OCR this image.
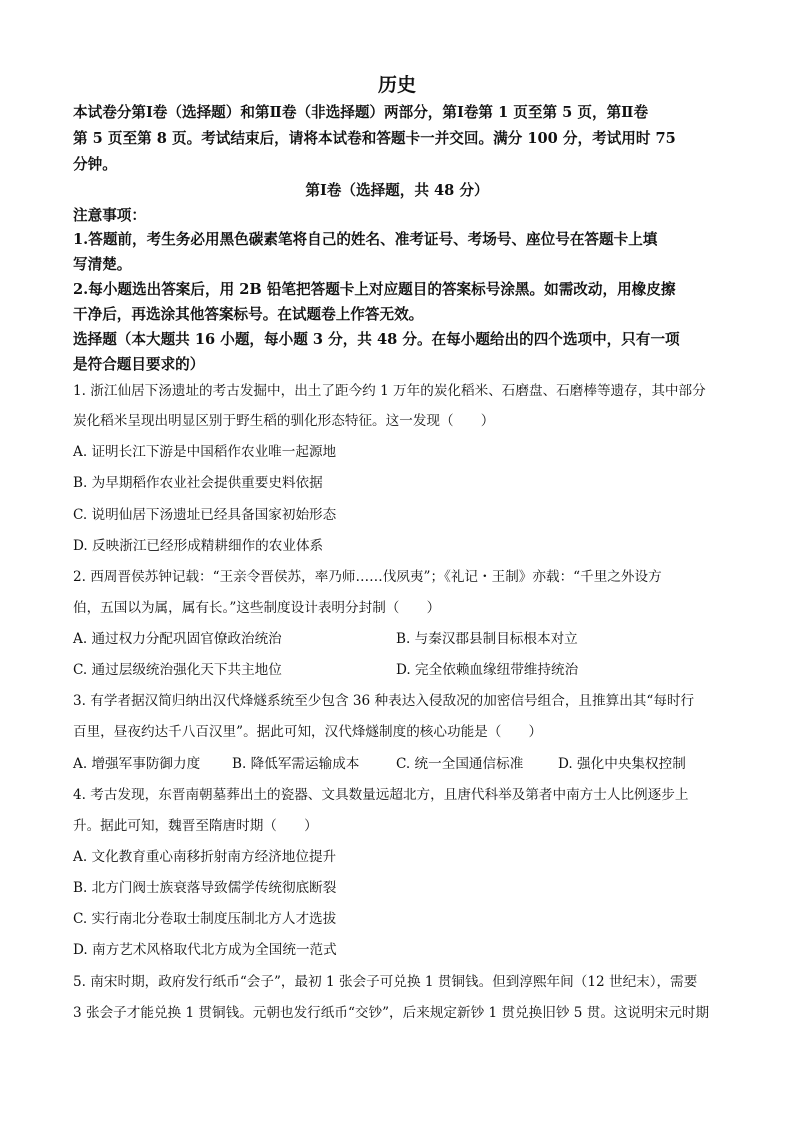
历史
本试卷分第Ⅰ卷（选择题）和第Ⅱ卷（非选择题）两部分，第Ⅰ卷第 1 页至第 5 页，第Ⅱ卷
第 5 页至第 8 页。考试结束后，请将本试卷和答题卡一并交回。满分 100 分，考试用时 75
分钟。
第Ⅰ卷（选择题，共 48 分）
注意事项：
1.答题前，考生务必用黑色碳素笔将自己的姓名、准考证号、考场号、座位号在答题卡上填
写清楚。
2.每小题选出答案后，用 2B 铅笔把答题卡上对应题目的答案标号涂黑。如需改动，用橡皮擦
干净后，再选涂其他答案标号。在试题卷上作答无效。
选择题（本大题共 16 小题，每小题 3 分，共 48 分。在每小题给出的四个选项中，只有一项
是符合题目要求的）
1. 浙江仙居下汤遗址的考古发掘中，出土了距今约 1 万年的炭化稻米、石磨盘、石磨棒等遗存，其中部分
炭化稻米呈现出明显区别于野生稻的驯化形态特征。这一发现（　　）
A. 证明长江下游是中国稻作农业唯一起源地
B. 为早期稻作农业社会提供重要史料依据
C. 说明仙居下汤遗址已经具备国家初始形态
D. 反映浙江已经形成精耕细作的农业体系
2. 西周晋侯苏钟记载：“王亲令晋侯苏，率乃师……伐夙夷”；《礼记・王制》亦载：“千里之外设方
伯，五国以为属，属有长。”这些制度设计表明分封制（　　）
A. 通过权力分配巩固官僚政治统治	B. 与秦汉郡县制目标根本对立
C. 通过层级统治强化天下共主地位	D. 完全依赖血缘纽带维持统治
3. 有学者据汉简归纳出汉代烽燧系统至少包含 36 种表达入侵敌况的加密信号组合，且推算出其“每时行
百里，昼夜约达千八百汉里”。据此可知，汉代烽燧制度的核心功能是（　　）
A. 增强军事防御力度 B. 降低军需运输成本	C. 统一全国通信标准	D. 强化中央集权控制
4. 考古发现，东晋南朝墓葬出土的瓷器、文具数量远超北方，且唐代科举及第者中南方士人比例逐步上
升。据此可知，魏晋至隋唐时期（　　）
A. 文化教育重心南移折射南方经济地位提升
B. 北方门阀士族衰落导致儒学传统彻底断裂
C. 实行南北分卷取士制度压制北方人才选拔
D. 南方艺术风格取代北方成为全国统一范式
5. 南宋时期，政府发行纸币“会子”，最初 1 张会子可兑换 1 贯铜钱。但到淳熙年间（12 世纪末），需要
3 张会子才能兑换 1 贯铜钱。元朝也发行纸币“交钞”，后来规定新钞 1 贯兑换旧钞 5 贯。这说明宋元时期
